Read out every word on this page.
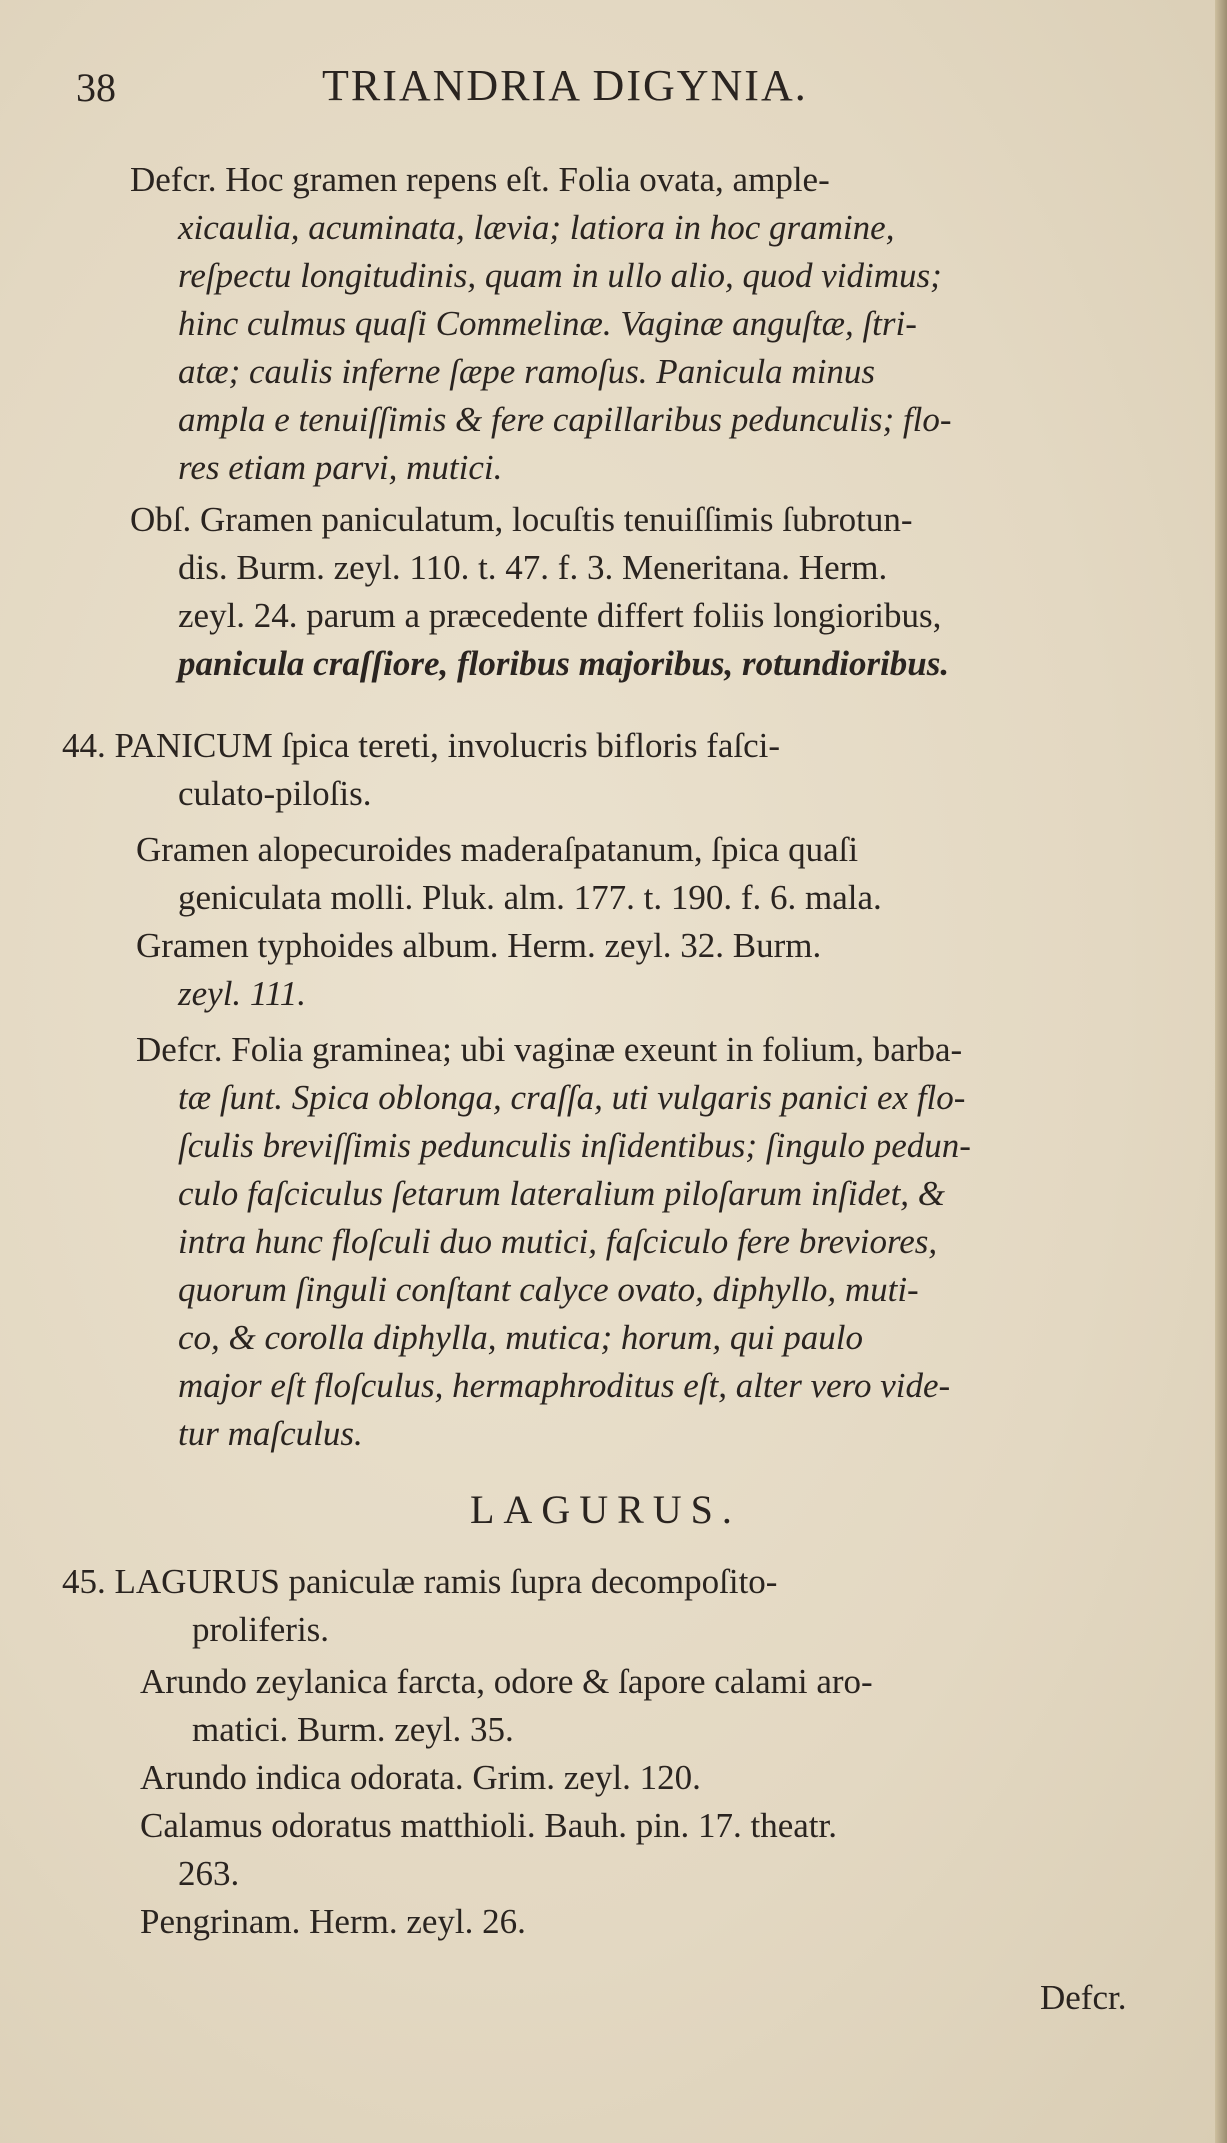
38	TRIANDRIA DIGYNIA.
Defcr. Hoc gramen repens eſt. Folia ovata, ample-
xicaulia, acuminata, lævia; latiora in hoc gramine,
reſpectu longitudinis, quam in ullo alio, quod vidimus;
hinc culmus quaſi Commelinæ. Vaginæ anguſtæ, ſtri-
atæ; caulis inferne ſæpe ramoſus. Panicula minus
ampla e tenuiſſimis & fere capillaribus pedunculis; flo-
res etiam parvi, mutici.
Obſ. Gramen paniculatum, locuſtis tenuiſſimis ſubrotun-
dis. Burm. zeyl. 110. t. 47. f. 3. Meneritana. Herm.
zeyl. 24. parum a præcedente differt foliis longioribus,
panicula craſſiore, floribus majoribus, rotundioribus.
44. PANICUM ſpica tereti, involucris bifloris faſci-
culato-piloſis.
Gramen alopecuroides maderaſpatanum, ſpica quaſi
geniculata molli. Pluk. alm. 177. t. 190. f. 6. mala.
Gramen typhoides album. Herm. zeyl. 32. Burm.
zeyl. 111.
Defcr. Folia graminea; ubi vaginæ exeunt in folium, barba-
tæ ſunt. Spica oblonga, craſſa, uti vulgaris panici ex flo-
ſculis breviſſimis pedunculis inſidentibus; ſingulo pedun-
culo faſciculus ſetarum lateralium piloſarum inſidet, &
intra hunc floſculi duo mutici, faſciculo fere breviores,
quorum ſinguli conſtant calyce ovato, diphyllo, muti-
co, & corolla diphylla, mutica; horum, qui paulo
major eſt floſculus, hermaphroditus eſt, alter vero vide-
tur maſculus.
LAGURUS.
45. LAGURUS paniculæ ramis ſupra decompoſito-
proliferis.
Arundo zeylanica farcta, odore & ſapore calami aro-
matici. Burm. zeyl. 35.
Arundo indica odorata. Grim. zeyl. 120.
Calamus odoratus matthioli. Bauh. pin. 17. theatr.
263.
Pengrinam. Herm. zeyl. 26.
Defcr.
